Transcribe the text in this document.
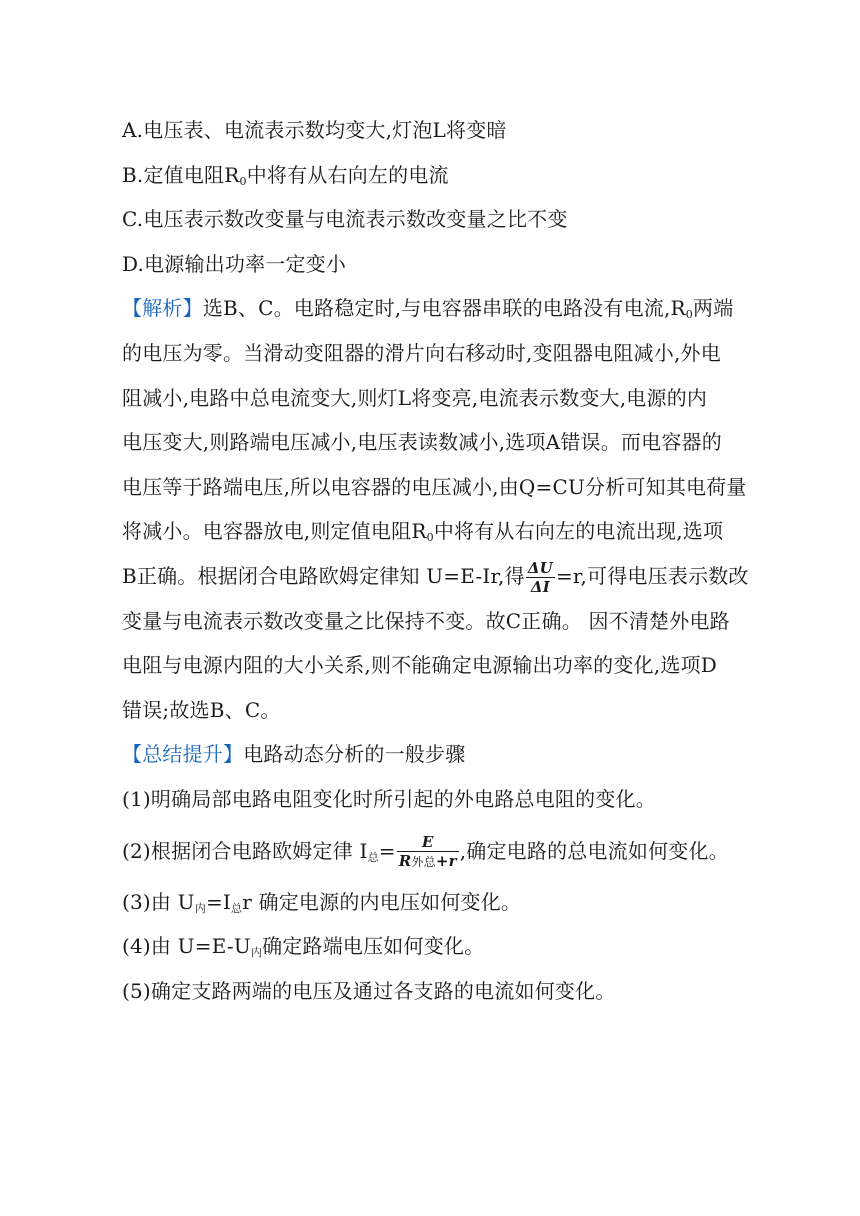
A.电压表、电流表示数均变大,灯泡L将变暗
B.定值电阻$R_0$中将有从右向左的电流
C.电压表示数改变量与电流表示数改变量之比不变
D.电源输出功率一定变小
【解析】选B、C。电路稳定时,与电容器串联的电路没有电流$,R_0$两端
的电压为零。当滑动变阻器的滑片向右移动时,变阻器电阻减小,外电
阻减小,电路中总电流变大,则灯L将变亮,电流表示数变大,电源的内
电压变大,则路端电压减小,电压表读数减小,选项A错误。而电容器的
电压等于路端电压,所以电容器的电压减小,由Q=CU分析可知其电荷量
将减小。电容器放电,则定值电阻$R_0$中将有从右向左的电流出现,选项
B正确。根据闭合电路欧姆定律知 U=E-Ir,得 $\frac{\Delta U}{\Delta I} =r$,可得电压表示数改
变量与电流表示数改变量之比保持不变。故C正确。 因不清楚外电路
电阻与电源内阻的大小关系,则不能确定电源输出功率的变化,选项D
错误;故选B、C。
【总结提升】电路动态分析的一般步骤
(1)明确局部电路电阻变化时所引起的外电路总电阻的变化。
(2)根据闭合电路欧姆定律 $I_总= \frac{E}{\text{R外总+r}}$ ,确定电路的总电流如何变化。
(3)由 $U_内=I_总r$ 确定电源的内电压如何变化。
(4)由 $U=E-U_内$确定路端电压如何变化。
(5)确定支路两端的电压及通过各支路的电流如何变化。
